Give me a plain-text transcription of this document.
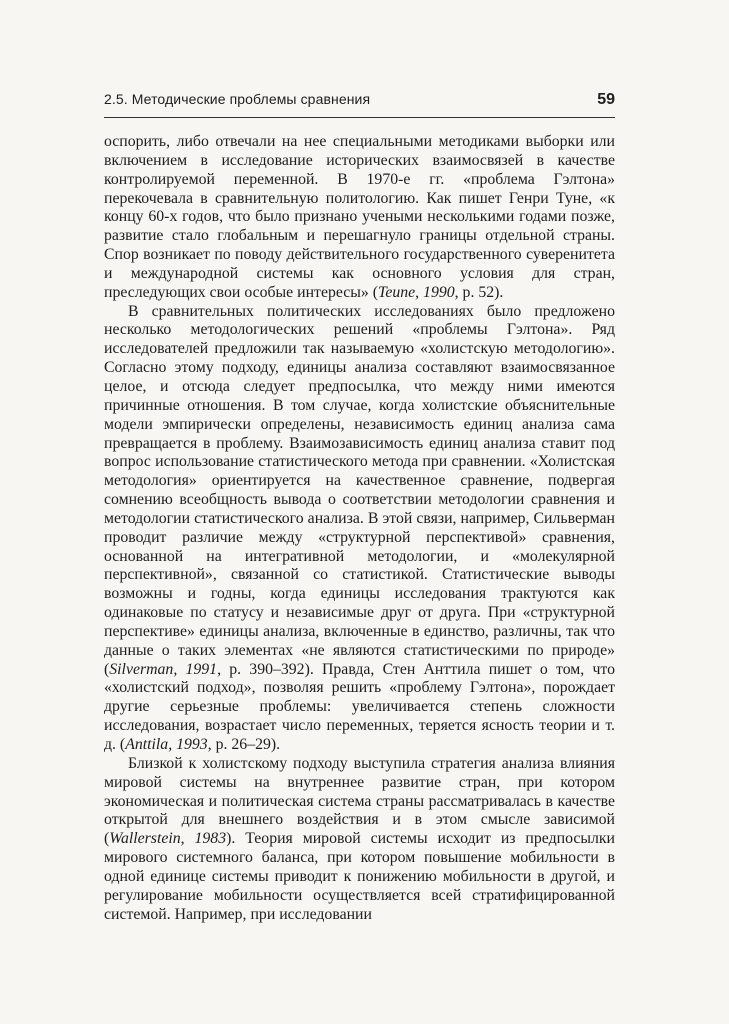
2.5. Методические проблемы сравнения	59

оспорить, либо отвечали на нее специальными методиками выборки или включением в исследование исторических взаимосвязей в качестве контролируемой переменной. В 1970-е гг. «проблема Гэлтона» перекочевала в сравнительную политологию. Как пишет Генри Туне, «к концу 60-х годов, что было признано учеными несколькими годами позже, развитие стало глобальным и перешагнуло границы отдельной страны. Спор возникает по поводу действительного государственного суверенитета и международной системы как основного условия для стран, преследующих свои особые интересы» (Teune, 1990, p. 52).

В сравнительных политических исследованиях было предложено несколько методологических решений «проблемы Гэлтона». Ряд исследователей предложили так называемую «холистскую методологию». Согласно этому подходу, единицы анализа составляют взаимосвязанное целое, и отсюда следует предпосылка, что между ними имеются причинные отношения. В том случае, когда холистские объяснительные модели эмпирически определены, независимость единиц анализа сама превращается в проблему. Взаимозависимость единиц анализа ставит под вопрос использование статистического метода при сравнении. «Холистская методология» ориентируется на качественное сравнение, подвергая сомнению всеобщность вывода о соответствии методологии сравнения и методологии статистического анализа. В этой связи, например, Сильверман проводит различие между «структурной перспективой» сравнения, основанной на интегративной методологии, и «молекулярной перспективной», связанной со статистикой. Статистические выводы возможны и годны, когда единицы исследования трактуются как одинаковые по статусу и независимые друг от друга. При «структурной перспективе» единицы анализа, включенные в единство, различны, так что данные о таких элементах «не являются статистическими по природе» (Silverman, 1991, p. 390–392). Правда, Стен Анттила пишет о том, что «холистский подход», позволяя решить «проблему Гэлтона», порождает другие серьезные проблемы: увеличивается степень сложности исследования, возрастает число переменных, теряется ясность теории и т. д. (Anttila, 1993, p. 26–29).

Близкой к холистскому подходу выступила стратегия анализа влияния мировой системы на внутреннее развитие стран, при котором экономическая и политическая система страны рассматривалась в качестве открытой для внешнего воздействия и в этом смысле зависимой (Wallerstein, 1983). Теория мировой системы исходит из предпосылки мирового системного баланса, при котором повышение мобильности в одной единице системы приводит к понижению мобильности в другой, и регулирование мобильности осуществляется всей стратифицированной системой. Например, при исследовании
